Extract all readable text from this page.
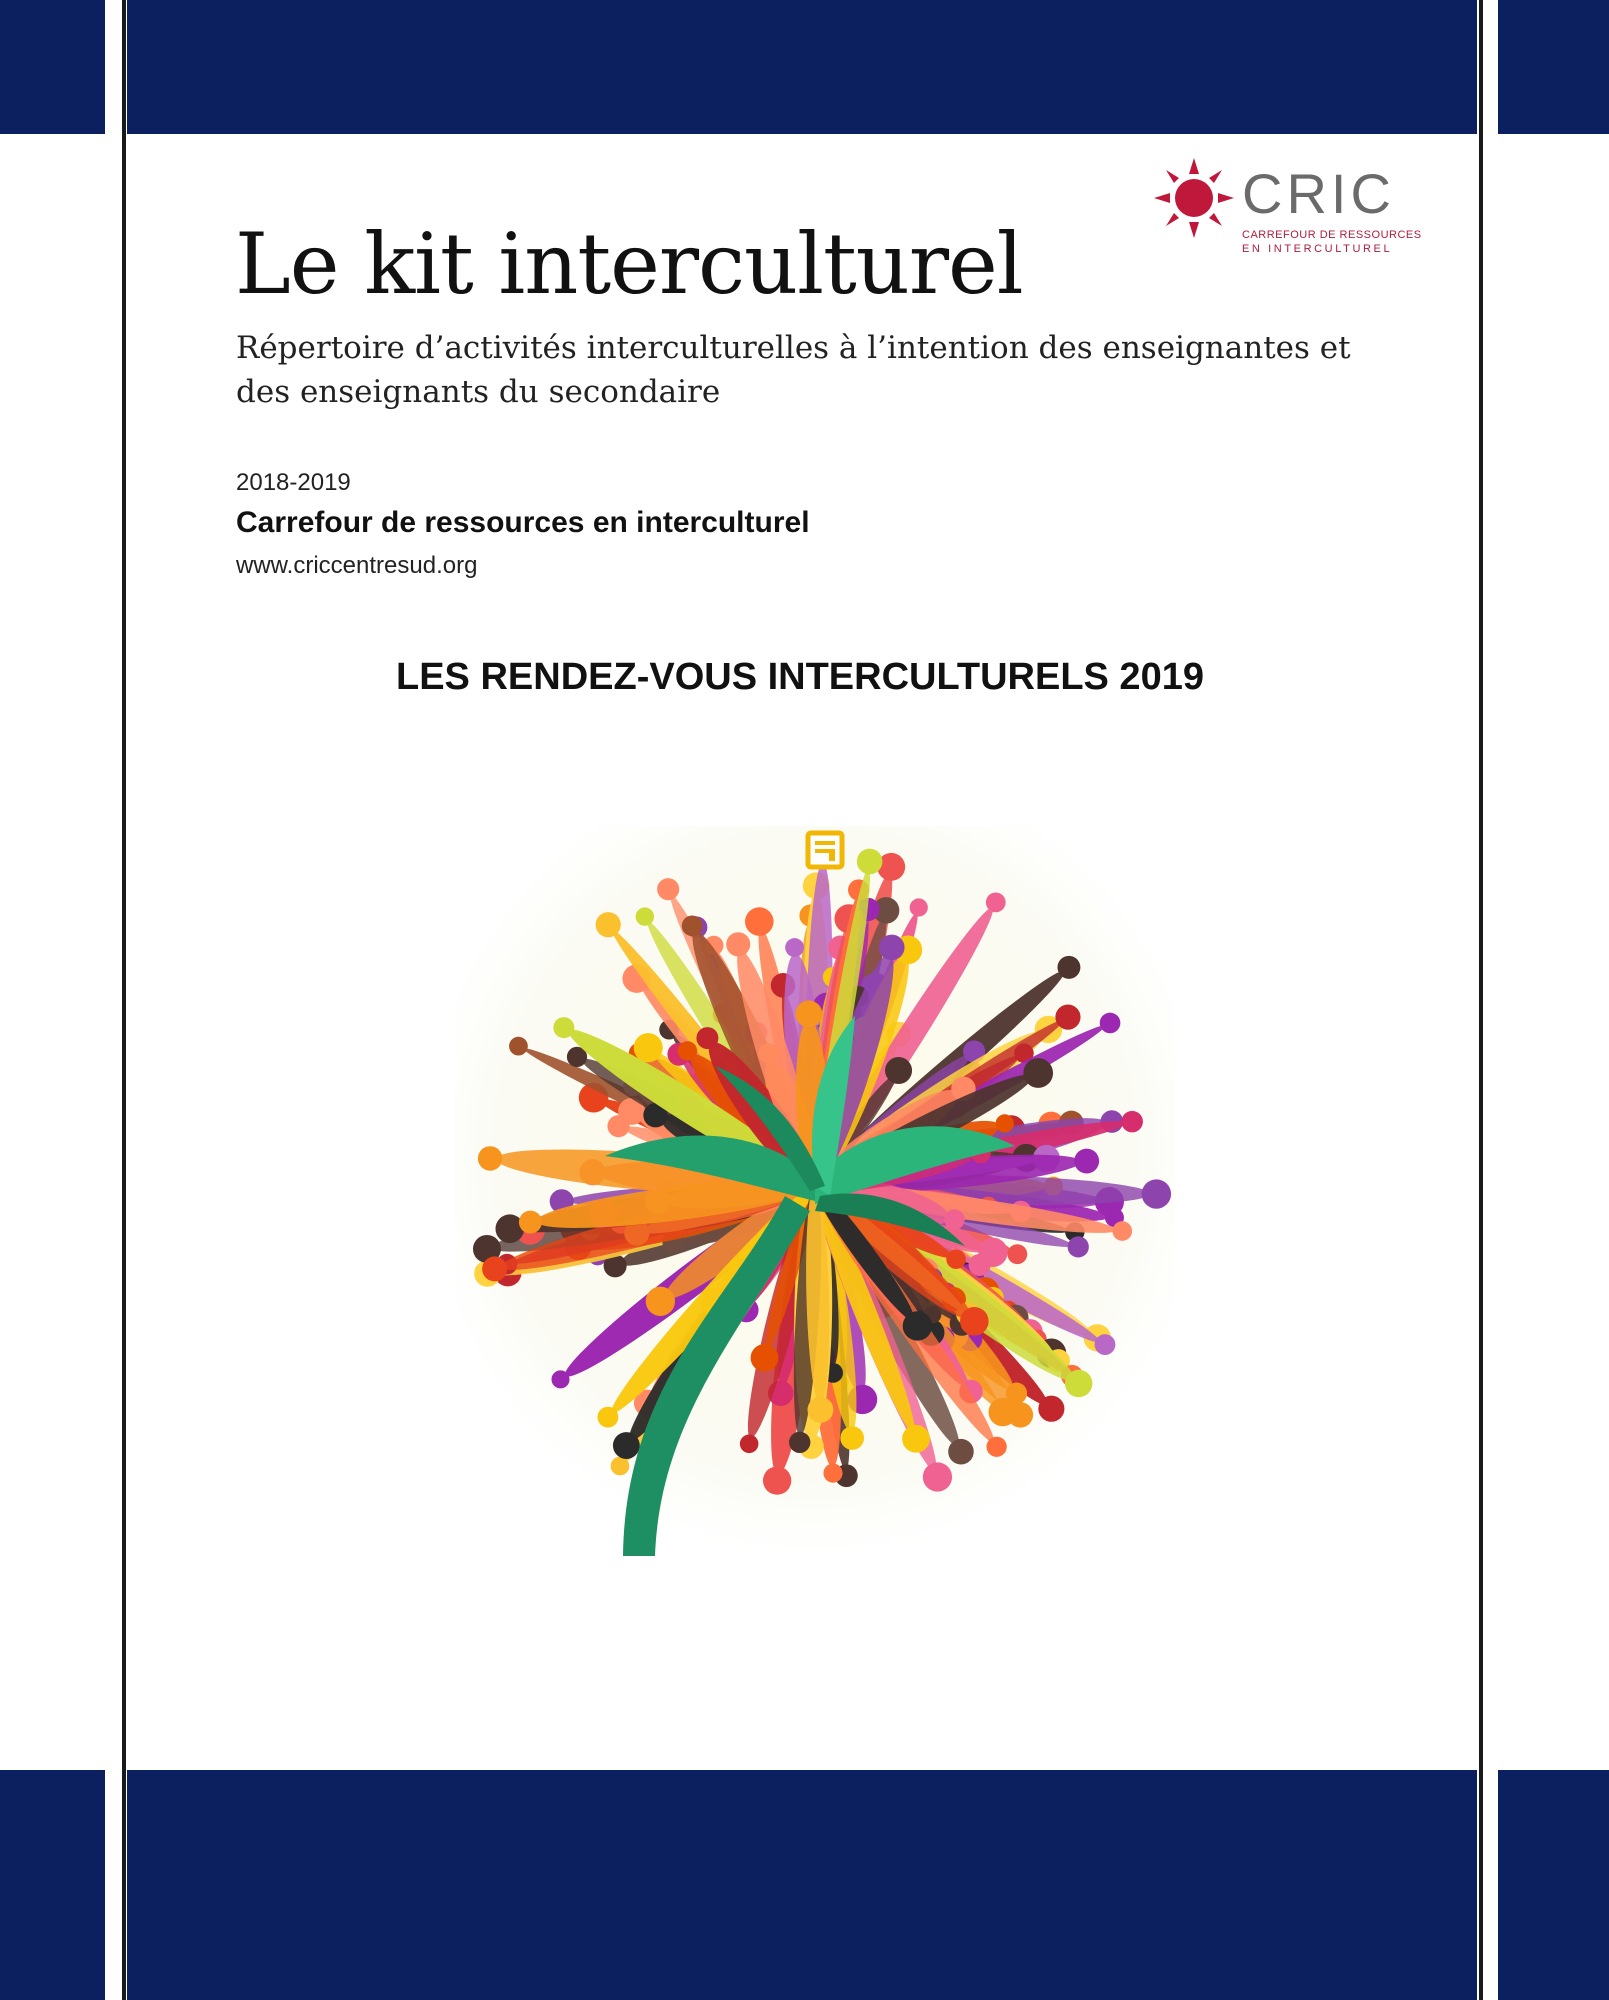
CRIC
CARREFOUR DE RESSOURCES
EN INTERCULTUREL
Le kit interculturel
Répertoire d’activités interculturelles à l’intention des enseignantes et des enseignants du secondaire
2018-2019
Carrefour de ressources en interculturel
www.criccentresud.org
LES RENDEZ-VOUS INTERCULTURELS 2019
